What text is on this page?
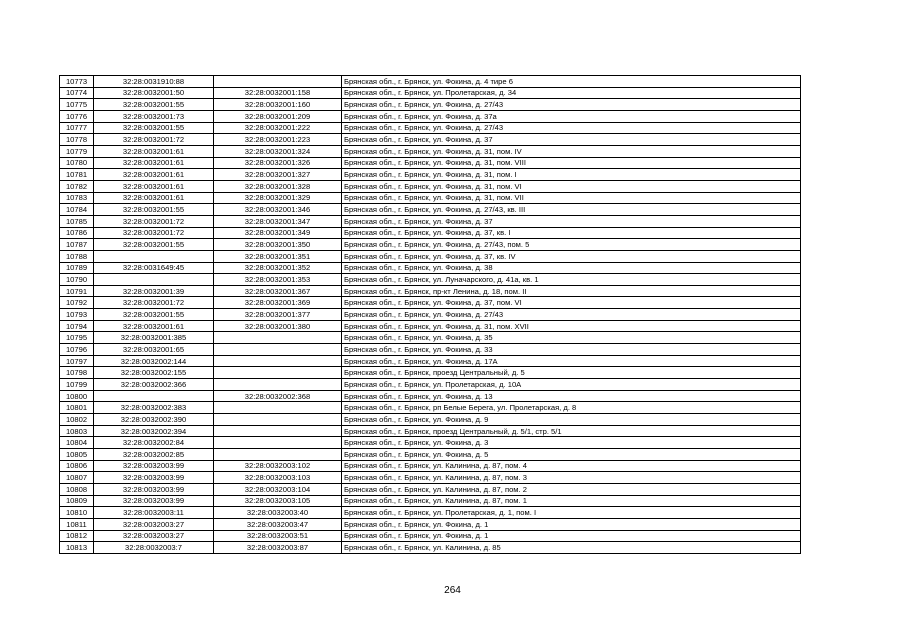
10773	32:28:0031910:88		Брянская обл., г. Брянск, ул. Фокина, д. 4 тире 6
10774	32:28:0032001:50	32:28:0032001:158	Брянская обл., г. Брянск, ул. Пролетарская, д. 34
10775	32:28:0032001:55	32:28:0032001:160	Брянская обл., г. Брянск, ул. Фокина, д. 27/43
10776	32:28:0032001:73	32:28:0032001:209	Брянская обл., г. Брянск, ул. Фокина, д. 37а
10777	32:28:0032001:55	32:28:0032001:222	Брянская обл., г. Брянск, ул. Фокина, д. 27/43
10778	32:28:0032001:72	32:28:0032001:223	Брянская обл., г. Брянск, ул. Фокина, д. 37
10779	32:28:0032001:61	32:28:0032001:324	Брянская обл., г. Брянск, ул. Фокина, д. 31, пом. IV
10780	32:28:0032001:61	32:28:0032001:326	Брянская обл., г. Брянск, ул. Фокина, д. 31, пом. VIII
10781	32:28:0032001:61	32:28:0032001:327	Брянская обл., г. Брянск, ул. Фокина, д. 31, пом. I
10782	32:28:0032001:61	32:28:0032001:328	Брянская обл., г. Брянск, ул. Фокина, д. 31, пом. VI
10783	32:28:0032001:61	32:28:0032001:329	Брянская обл., г. Брянск, ул. Фокина, д. 31, пом. VII
10784	32:28:0032001:55	32:28:0032001:346	Брянская обл., г. Брянск, ул. Фокина, д. 27/43, кв. III
10785	32:28:0032001:72	32:28:0032001:347	Брянская обл., г. Брянск, ул. Фокина, д. 37
10786	32:28:0032001:72	32:28:0032001:349	Брянская обл., г. Брянск, ул. Фокина, д. 37, кв. I
10787	32:28:0032001:55	32:28:0032001:350	Брянская обл., г. Брянск, ул. Фокина, д. 27/43, пом. 5
10788		32:28:0032001:351	Брянская обл., г. Брянск, ул. Фокина, д. 37, кв. IV
10789	32:28:0031649:45	32:28:0032001:352	Брянская обл., г. Брянск, ул. Фокина, д. 38
10790		32:28:0032001:353	Брянская обл., г. Брянск, ул. Луначарского, д. 41а, кв. 1
10791	32:28:0032001:39	32:28:0032001:367	Брянская обл., г. Брянск, пр-кт Ленина, д. 18, пом. II
10792	32:28:0032001:72	32:28:0032001:369	Брянская обл., г. Брянск, ул. Фокина, д. 37, пом. VI
10793	32:28:0032001:55	32:28:0032001:377	Брянская обл., г. Брянск, ул. Фокина, д. 27/43
10794	32:28:0032001:61	32:28:0032001:380	Брянская обл., г. Брянск, ул. Фокина, д. 31, пом. XVII
10795	32:28:0032001:385		Брянская обл., г. Брянск, ул. Фокина, д. 35
10796	32:28:0032001:65		Брянская обл., г. Брянск, ул. Фокина, д. 33
10797	32:28:0032002:144		Брянская обл., г. Брянск, ул. Фокина, д. 17А
10798	32:28:0032002:155		Брянская обл., г. Брянск, проезд Центральный, д. 5
10799	32:28:0032002:366		Брянская обл., г. Брянск, ул. Пролетарская, д. 10А
10800		32:28:0032002:368	Брянская обл., г. Брянск, ул. Фокина, д. 13
10801	32:28:0032002:383		Брянская обл., г. Брянск, рп Белые Берега, ул. Пролетарская, д. 8
10802	32:28:0032002:390		Брянская обл., г. Брянск, ул. Фокина, д. 9
10803	32:28:0032002:394		Брянская обл., г. Брянск, проезд Центральный, д. 5/1, стр. 5/1
10804	32:28:0032002:84		Брянская обл., г. Брянск, ул. Фокина, д. 3
10805	32:28:0032002:85		Брянская обл., г. Брянск, ул. Фокина, д. 5
10806	32:28:0032003:99	32:28:0032003:102	Брянская обл., г. Брянск, ул. Калинина, д. 87, пом. 4
10807	32:28:0032003:99	32:28:0032003:103	Брянская обл., г. Брянск, ул. Калинина, д. 87, пом. 3
10808	32:28:0032003:99	32:28:0032003:104	Брянская обл., г. Брянск, ул. Калинина, д. 87, пом. 2
10809	32:28:0032003:99	32:28:0032003:105	Брянская обл., г. Брянск, ул. Калинина, д. 87, пом. 1
10810	32:28:0032003:11	32:28:0032003:40	Брянская обл., г. Брянск, ул. Пролетарская, д. 1, пом. I
10811	32:28:0032003:27	32:28:0032003:47	Брянская обл., г. Брянск, ул. Фокина, д. 1
10812	32:28:0032003:27	32:28:0032003:51	Брянская обл., г. Брянск, ул. Фокина, д. 1
10813	32:28:0032003:7	32:28:0032003:87	Брянская обл., г. Брянск, ул. Калинина, д. 85
264
